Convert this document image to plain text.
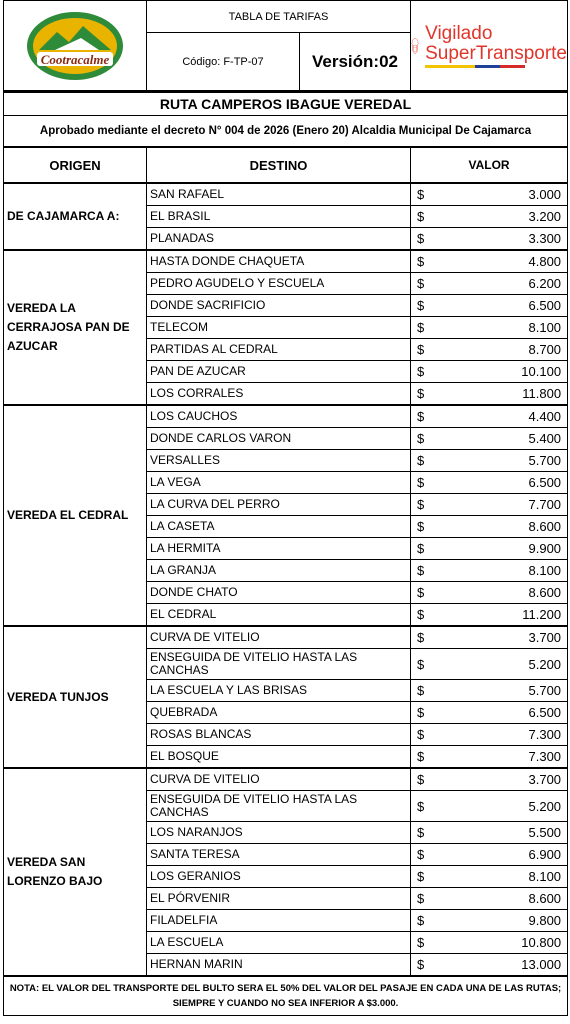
Cootracalme	TABLA DE TARIFAS		Vigilado
SuperTransporte

	Código: F-TP-07	Versión:02	
RUTA CAMPEROS IBAGUE VEREDAL			
Aprobado mediante el decreto N° 004 de 2026 (Enero 20) Alcaldia Municipal De Cajamarca			
ORIGEN	DESTINO	VALOR	
DE CAJAMARCA A:	SAN RAFAEL	$	3.000
	EL BRASIL	$	3.200
	PLANADAS	$	3.300
VEREDA LA CERRAJOSA PAN DE AZUCAR	HASTA DONDE CHAQUETA	$	4.800
	PEDRO AGUDELO Y ESCUELA	$	6.200
	DONDE SACRIFICIO	$	6.500
	TELECOM	$	8.100
	PARTIDAS AL CEDRAL	$	8.700
	PAN DE AZUCAR	$	10.100
	LOS CORRALES	$	11.800
VEREDA EL CEDRAL	LOS CAUCHOS	$	4.400
	DONDE CARLOS VARON	$	5.400
	VERSALLES	$	5.700
	LA VEGA	$	6.500
	LA CURVA DEL PERRO	$	7.700
	LA CASETA	$	8.600
	LA HERMITA	$	9.900
	LA GRANJA	$	8.100
	DONDE CHATO	$	8.600
	EL CEDRAL	$	11.200
VEREDA TUNJOS	CURVA DE VITELIO	$	3.700
	ENSEGUIDA DE VITELIO HASTA LAS CANCHAS	$	5.200
	LA ESCUELA Y LAS BRISAS	$	5.700
	QUEBRADA	$	6.500
	ROSAS BLANCAS	$	7.300
	EL BOSQUE	$	7.300
VEREDA SAN LORENZO BAJO	CURVA DE VITELIO	$	3.700
	ENSEGUIDA DE VITELIO HASTA LAS CANCHAS	$	5.200
	LOS NARANJOS	$	5.500
	SANTA TERESA	$	6.900
	LOS GERANIOS	$	8.100
	EL PÓRVENIR	$	8.600
	FILADELFIA	$	9.800
	LA ESCUELA	$	10.800
	HERNAN MARIN	$	13.000
NOTA: EL VALOR DEL TRANSPORTE DEL BULTO SERA EL 50% DEL VALOR DEL PASAJE EN CADA UNA DE LAS RUTAS; SIEMPRE Y CUANDO NO SEA INFERIOR A $3.000.			
